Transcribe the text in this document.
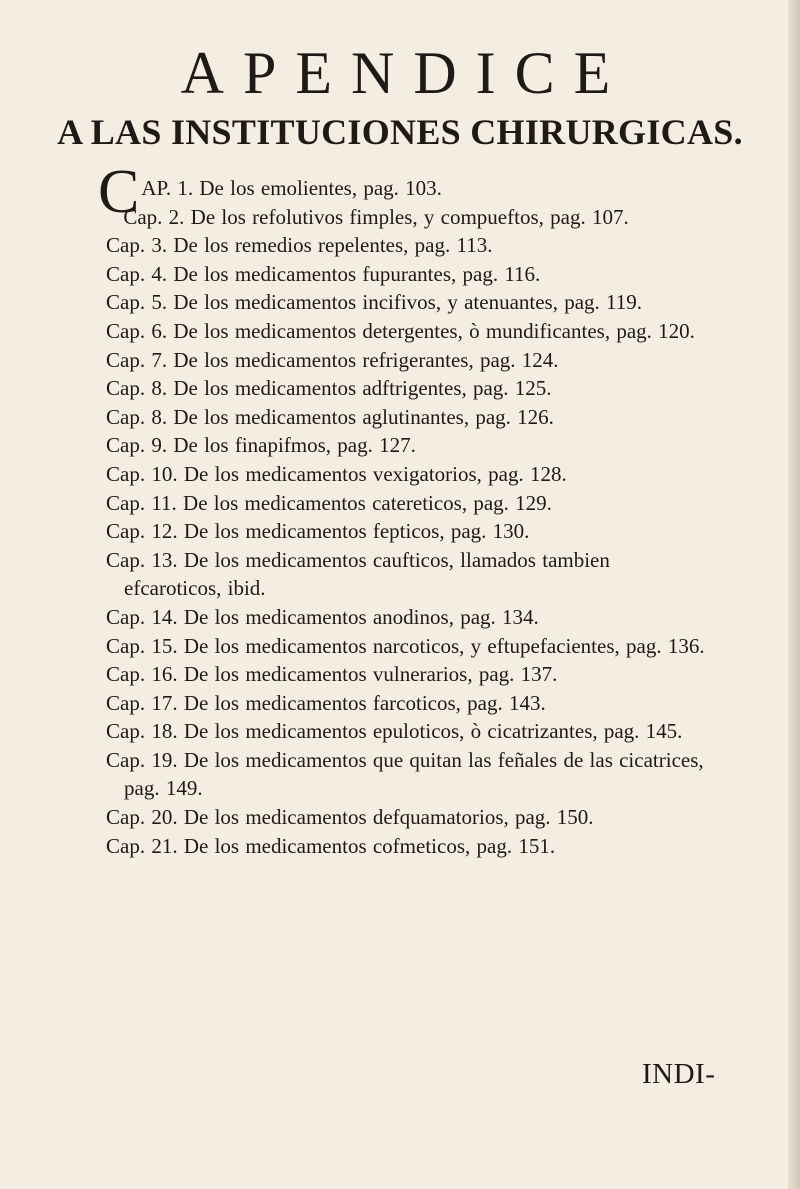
APENDICE
A LAS INSTITUCIONES CHIRURGICAS.
C AP. 1. De los emolientes, pag. 103.
Cap. 2. De los refolutivos fimples, y compueftos, pag. 107.
Cap. 3. De los remedios repelentes, pag. 113.
Cap. 4. De los medicamentos fupurantes, pag. 116.
Cap. 5. De los medicamentos incifivos, y atenuantes, pag. 119.
Cap. 6. De los medicamentos detergentes, ò mundificantes, pag. 120.
Cap. 7. De los medicamentos refrigerantes, pag. 124.
Cap. 8. De los medicamentos adftrigentes, pag. 125.
Cap. 8. De los medicamentos aglutinantes, pag. 126.
Cap. 9. De los finapifmos, pag. 127.
Cap. 10. De los medicamentos vexigatorios, pag. 128.
Cap. 11. De los medicamentos catereticos, pag. 129.
Cap. 12. De los medicamentos fepticos, pag. 130.
Cap. 13. De los medicamentos caufticos, llamados tambien efcaroticos, ibid.
Cap. 14. De los medicamentos anodinos, pag. 134.
Cap. 15. De los medicamentos narcoticos, y eftupefacientes, pag. 136.
Cap. 16. De los medicamentos vulnerarios, pag. 137.
Cap. 17. De los medicamentos farcoticos, pag. 143.
Cap. 18. De los medicamentos epuloticos, ò cicatrizantes, pag. 145.
Cap. 19. De los medicamentos que quitan las feñales de las cicatrices, pag. 149.
Cap. 20. De los medicamentos defquamatorios, pag. 150.
Cap. 21. De los medicamentos cofmeticos, pag. 151.
INDI-
